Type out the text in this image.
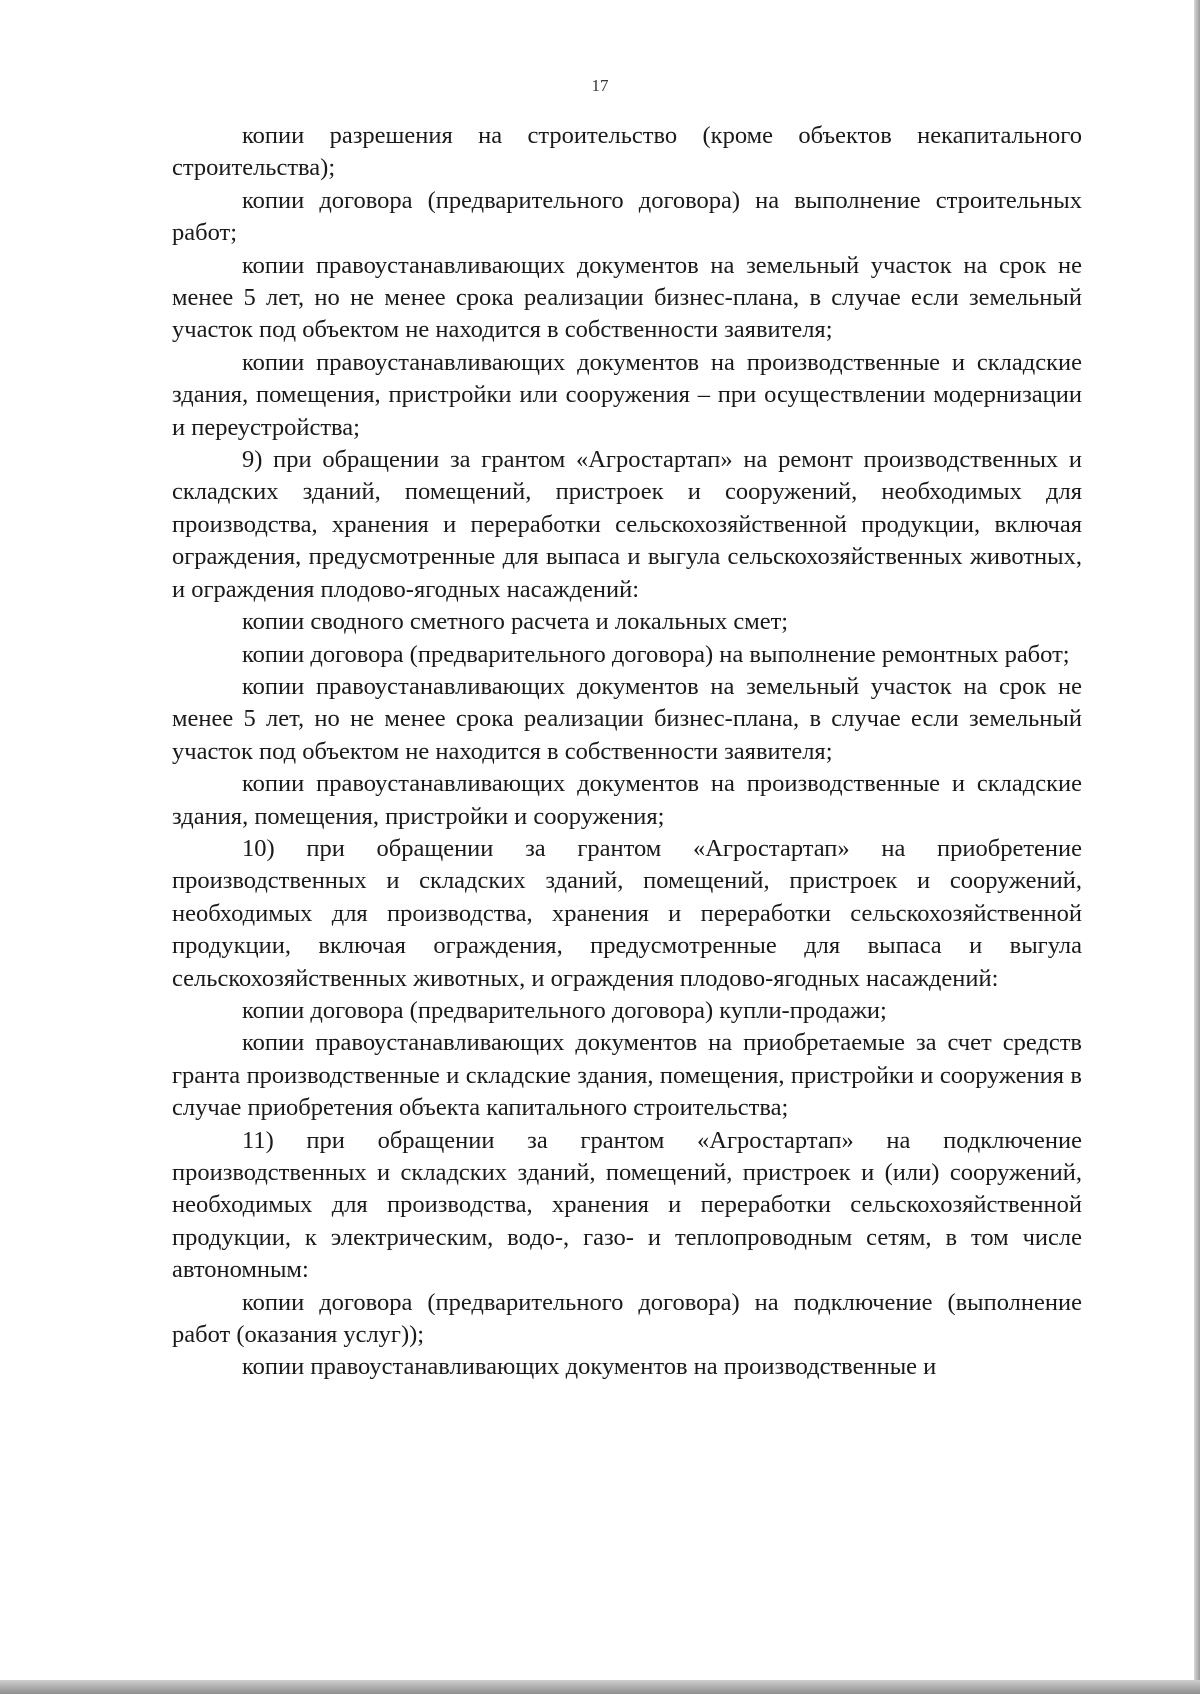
17

копии разрешения на строительство (кроме объектов некапитального строительства);

копии договора (предварительного договора) на выполнение строительных работ;

копии правоустанавливающих документов на земельный участок на срок не менее 5 лет, но не менее срока реализации бизнес-плана, в случае если земельный участок под объектом не находится в собственности заявителя;

копии правоустанавливающих документов на производственные и складские здания, помещения, пристройки или сооружения – при осуществлении модернизации и переустройства;

9) при обращении за грантом «Агростартап» на ремонт производственных и складских зданий, помещений, пристроек и сооружений, необходимых для производства, хранения и переработки сельскохозяйственной продукции, включая ограждения, предусмотренные для выпаса и выгула сельскохозяйственных животных, и ограждения плодово-ягодных насаждений:

копии сводного сметного расчета и локальных смет;

копии договора (предварительного договора) на выполнение ремонтных работ;

копии правоустанавливающих документов на земельный участок на срок не менее 5 лет, но не менее срока реализации бизнес-плана, в случае если земельный участок под объектом не находится в собственности заявителя;

копии правоустанавливающих документов на производственные и складские здания, помещения, пристройки и сооружения;

10) при обращении за грантом «Агростартап» на приобретение производственных и складских зданий, помещений, пристроек и сооружений, необходимых для производства, хранения и переработки сельскохозяйственной продукции, включая ограждения, предусмотренные для выпаса и выгула сельскохозяйственных животных, и ограждения плодово-ягодных насаждений:

копии договора (предварительного договора) купли-продажи;

копии правоустанавливающих документов на приобретаемые за счет средств гранта производственные и складские здания, помещения, пристройки и сооружения в случае приобретения объекта капитального строительства;

11) при обращении за грантом «Агростартап» на подключение производственных и складских зданий, помещений, пристроек и (или) сооружений, необходимых для производства, хранения и переработки сельскохозяйственной продукции, к электрическим, водо-, газо- и теплопроводным сетям, в том числе автономным:

копии договора (предварительного договора) на подключение (выполнение работ (оказания услуг));

копии правоустанавливающих документов на производственные и
